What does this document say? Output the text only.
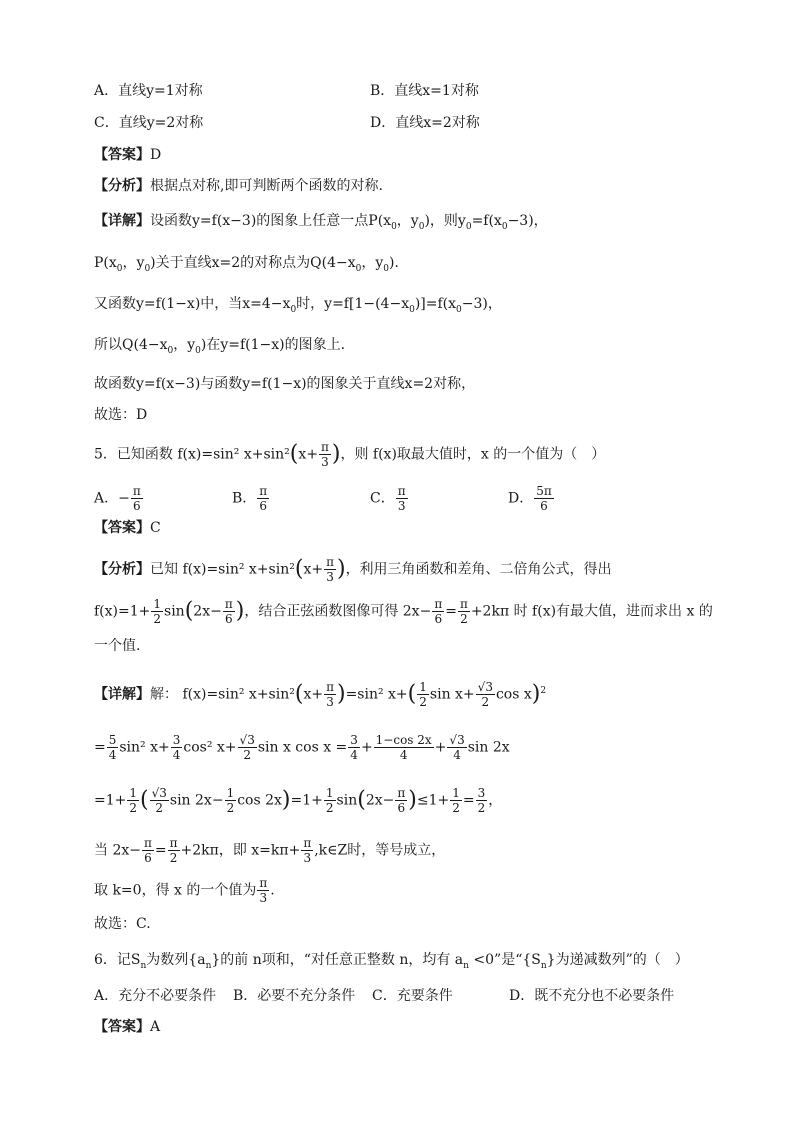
A．直线y=1对称	B．直线x=1对称
C．直线y=2对称	D．直线x=2对称
【答案】D
【分析】根据点对称,即可判断两个函数的对称.
【详解】设函数y=f(x−3)的图象上任意一点$P(x_0$，$y_0$)，则$y_0=f(x_0-3)$，
$P(x_0$，$y_0$)关于直线x=2的对称点为$Q(4-x_0$，$y_0$)．
又函数y=f(1−x)中，当$x=4-x_0$时，$y=f[1-(4-x_0)]=f(x_0-3)$，
所以$Q(4-x_0$，$y_0$)在y=f(1−x)的图象上．
故函数y=f(x−3)与函数y=f(1−x)的图象关于直线x=2对称，
故选：D
5．已知函数 f(x)=sin² $x+\sin^2(x+ \frac{\pi}{3}$ )，则 f(x)取最大值时，x 的一个值为（　）
A．− $\frac{\pi}{6}$	B． $\frac{\pi}{6}$	C． $\frac{\pi}{3}$	D． $\frac{5\pi}{6}$
【答案】C
【分析】已知 f(x)=sin² $x+\sin^2(x+ \frac{\pi}{3}$ )，利用三角函数和差角、二倍角公式，得出
$f(x)=1+ \frac{1}{2} \sin(2x- \frac{\pi}{6}$ )，结合正弦函数图像可得 $2x- \frac{\pi}{6} = \frac{\pi}{2} +2k\pi$ 时 f(x)有最大值，进而求出 x 的
一个值.
【详解】解： f(x)=sin² $x+\sin^2(x+ \frac{\pi}{3} )=\sin^2$ $x+( \frac{1}{2}$ $\sin x+ \frac{√3}{2}$ $\cos x)^2$
= $\frac{5}{4} \sin^2$ $x+ \frac{3}{4} \cos^2$ $x+ \frac{√3}{2}$ sin x $\cos x = \frac{3}{4} + \frac{1-\cos 2x}{4} + \frac{√3}{4}$ sin 2x
$=1+ \frac{1}{2}$ ( $\frac{√3}{2}$ $\sin 2x- \frac{1}{2}$ $\cos 2x)=1+ \frac{1}{2} \sin(2x- \frac{\pi}{6} )\le 1+ \frac{1}{2} = \frac{3}{2}$ ，
当 $2x- \frac{\pi}{6} = \frac{\pi}{2} +2k\pi$，即 $x=k\pi+ \frac{\pi}{3}$ ,k∈Z时，等号成立，
取 k=0，得 x 的一个值为 $\frac{\pi}{3}$ .
故选：C.
6．记$S_n$为数列$\{a_n\}$的前 n项和，“对任意正整数 n，均有 $a_n <0$”是“$\{S_n\}$为递减数列”的（　）
A．充分不必要条件 B．必要不充分条件 C．充要条件	D．既不充分也不必要条件
【答案】A
